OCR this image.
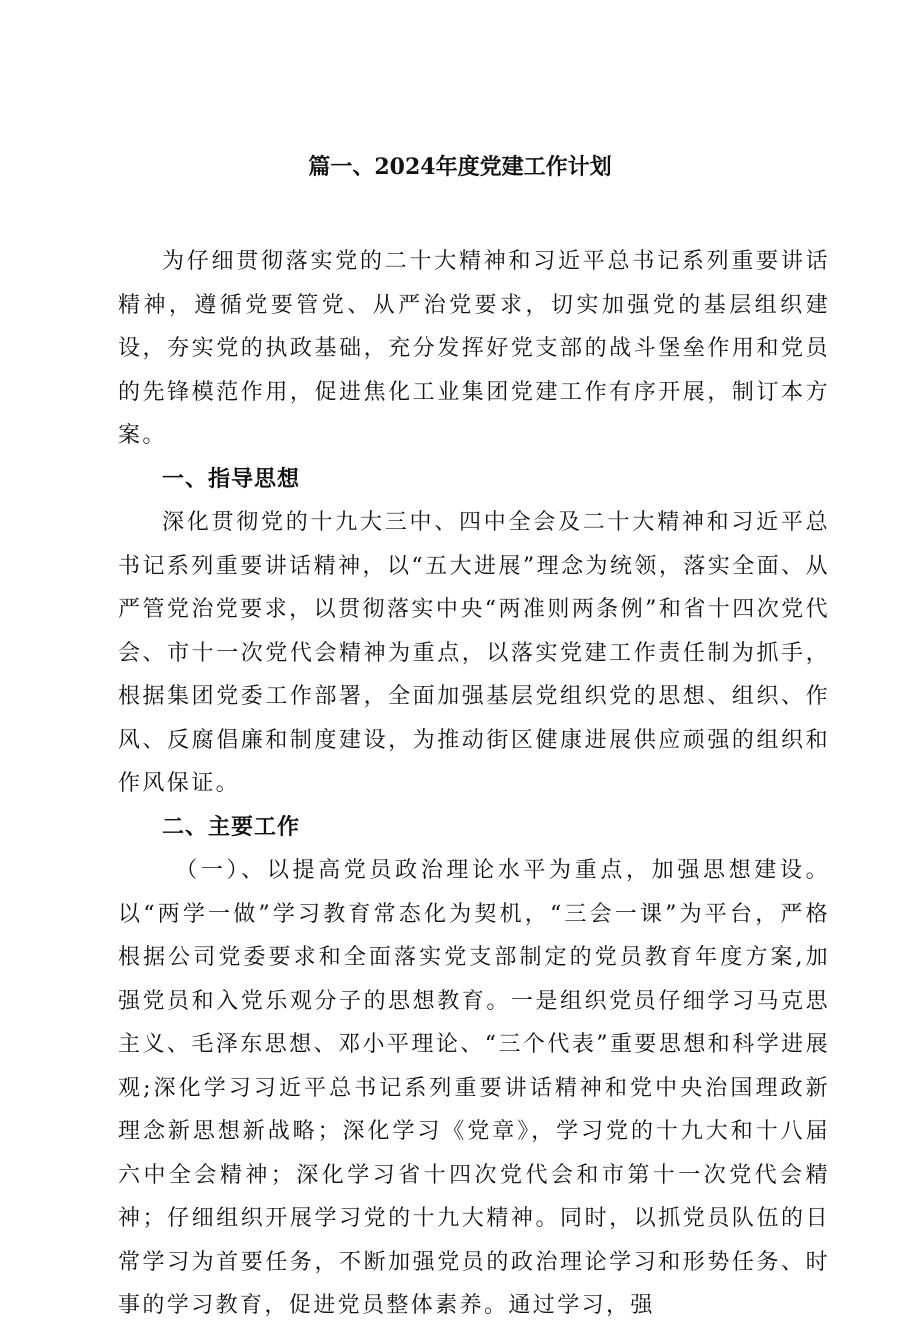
篇一、2024年度党建工作计划

为仔细贯彻落实党的二十大精神和习近平总书记系列重要讲话精神，遵循党要管党、从严治党要求，切实加强党的基层组织建设，夯实党的执政基础，充分发挥好党支部的战斗堡垒作用和党员的先锋模范作用，促进焦化工业集团党建工作有序开展，制订本方案。

一、指导思想

深化贯彻党的十九大三中、四中全会及二十大精神和习近平总书记系列重要讲话精神，以“五大进展”理念为统领，落实全面、从严管党治党要求，以贯彻落实中央“两准则两条例”和省十四次党代会、市十一次党代会精神为重点，以落实党建工作责任制为抓手，根据集团党委工作部署，全面加强基层党组织党的思想、组织、作风、反腐倡廉和制度建设，为推动街区健康进展供应顽强的组织和作风保证。

二、主要工作

（一）、以提高党员政治理论水平为重点，加强思想建设。以“两学一做”学习教育常态化为契机，“三会一课”为平台，严格根据公司党委要求和全面落实党支部制定的党员教育年度方案,加强党员和入党乐观分子的思想教育。一是组织党员仔细学习马克思主义、毛泽东思想、邓小平理论、“三个代表”重要思想和科学进展观;深化学习习近平总书记系列重要讲话精神和党中央治国理政新理念新思想新战略；深化学习《党章》，学习党的十九大和十八届六中全会精神；深化学习省十四次党代会和市第十一次党代会精神；仔细组织开展学习党的十九大精神。同时，以抓党员队伍的日常学习为首要任务，不断加强党员的政治理论学习和形势任务、时事的学习教育，促进党员整体素养。通过学习，强
